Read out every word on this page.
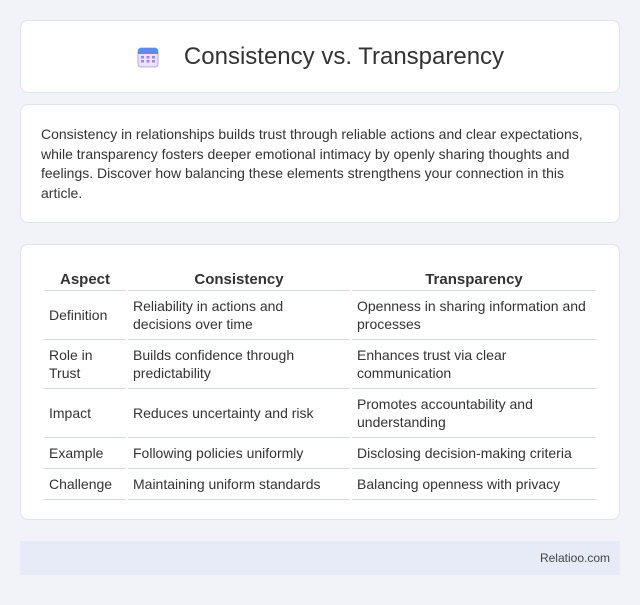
Consistency vs. Transparency

Consistency in relationships builds trust through reliable actions and clear expectations, while transparency fosters deeper emotional intimacy by openly sharing thoughts and feelings. Discover how balancing these elements strengthens your connection in this article.

Aspect	Consistency	Transparency
Definition	Reliability in actions and decisions over time	Openness in sharing information and processes
Role in Trust	Builds confidence through predictability	Enhances trust via clear communication
Impact	Reduces uncertainty and risk	Promotes accountability and understanding
Example	Following policies uniformly	Disclosing decision-making criteria
Challenge	Maintaining uniform standards	Balancing openness with privacy
Relatioo.com
